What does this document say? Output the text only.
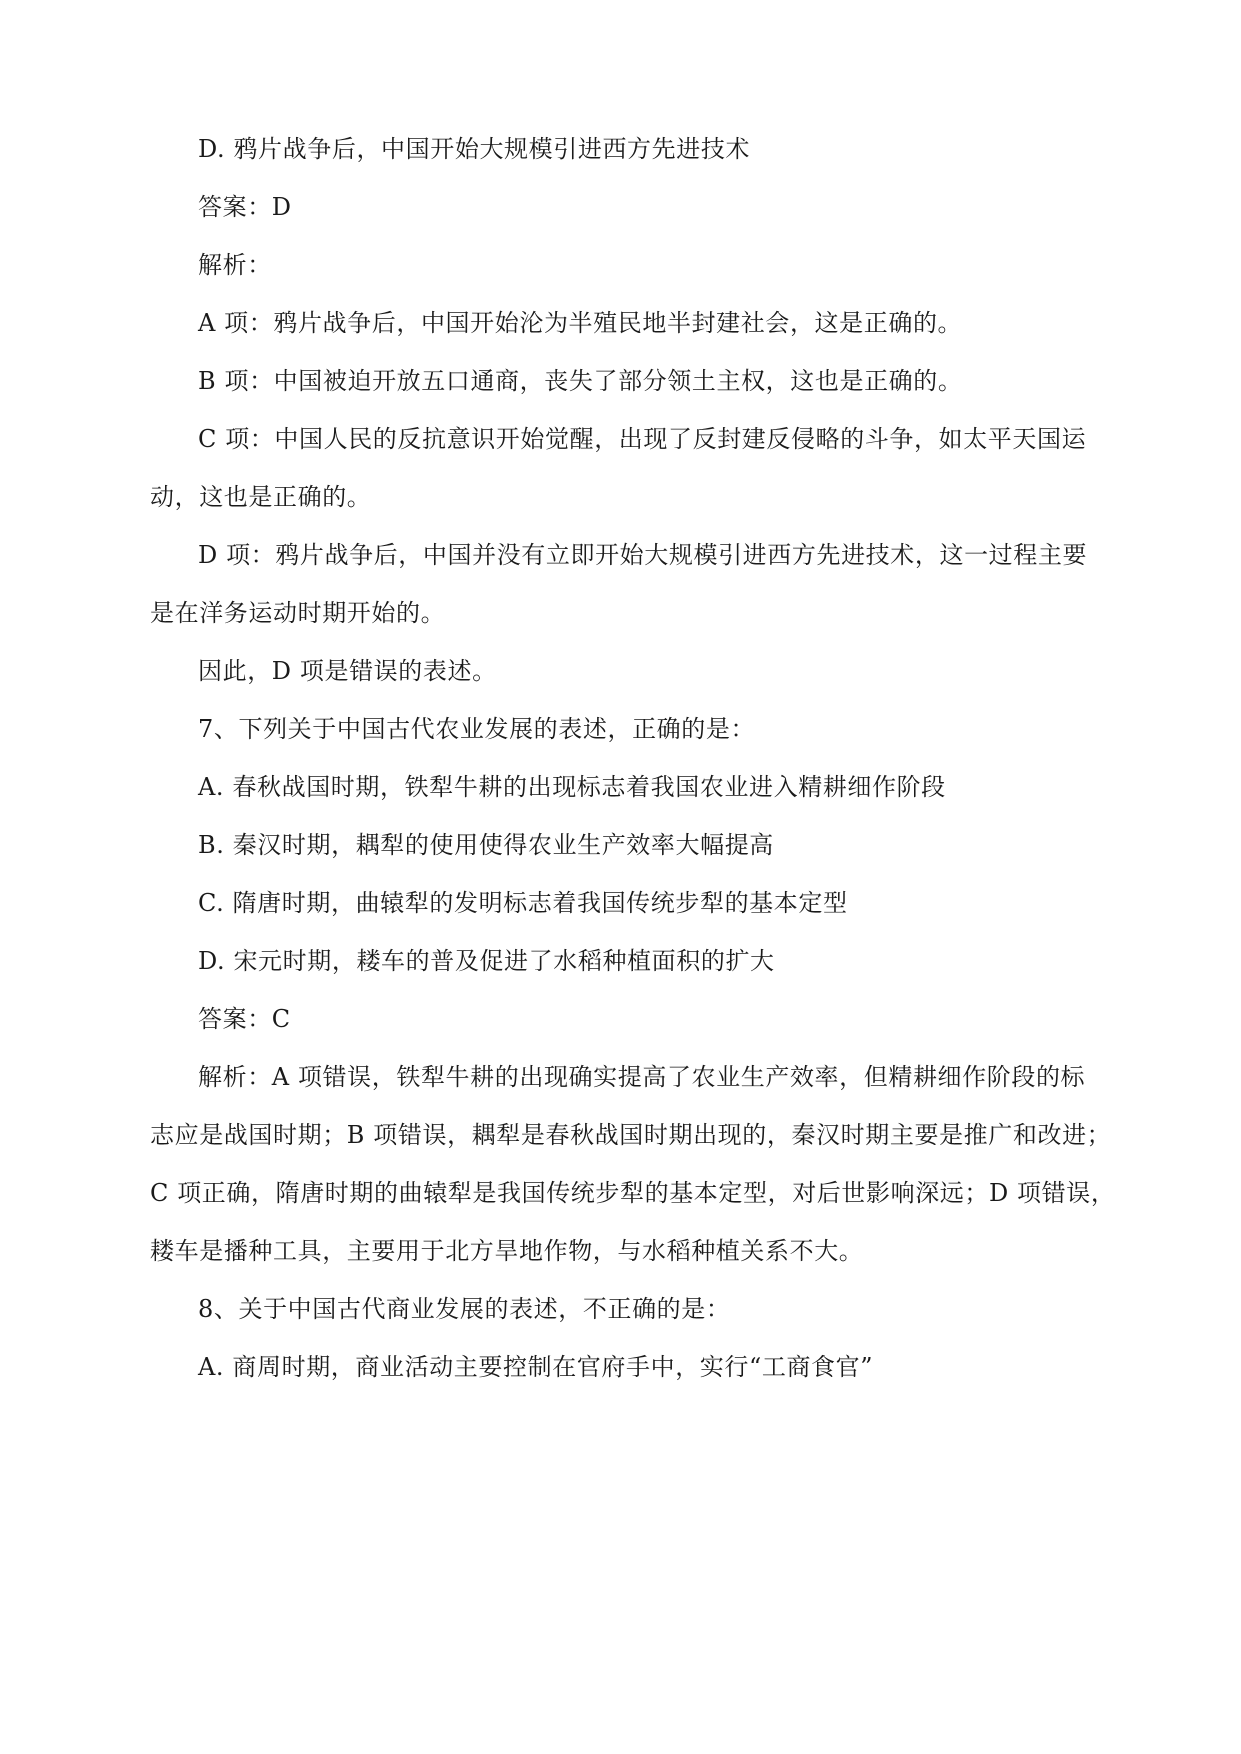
D. 鸦片战争后，中国开始大规模引进西方先进技术
答案：D
解析：
A 项：鸦片战争后，中国开始沦为半殖民地半封建社会，这是正确的。
B 项：中国被迫开放五口通商，丧失了部分领土主权，这也是正确的。
C 项：中国人民的反抗意识开始觉醒，出现了反封建反侵略的斗争，如太平天国运
动，这也是正确的。
D 项：鸦片战争后，中国并没有立即开始大规模引进西方先进技术，这一过程主要
是在洋务运动时期开始的。
因此，D 项是错误的表述。
7、下列关于中国古代农业发展的表述，正确的是：
A. 春秋战国时期，铁犁牛耕的出现标志着我国农业进入精耕细作阶段
B. 秦汉时期，耦犁的使用使得农业生产效率大幅提高
C. 隋唐时期，曲辕犁的发明标志着我国传统步犁的基本定型
D. 宋元时期，耧车的普及促进了水稻种植面积的扩大
答案：C
解析：A 项错误，铁犁牛耕的出现确实提高了农业生产效率，但精耕细作阶段的标
志应是战国时期；B 项错误，耦犁是春秋战国时期出现的，秦汉时期主要是推广和改进；
C 项正确，隋唐时期的曲辕犁是我国传统步犁的基本定型，对后世影响深远；D 项错误，
耧车是播种工具，主要用于北方旱地作物，与水稻种植关系不大。
8、关于中国古代商业发展的表述，不正确的是：
A. 商周时期，商业活动主要控制在官府手中，实行“工商食官”
